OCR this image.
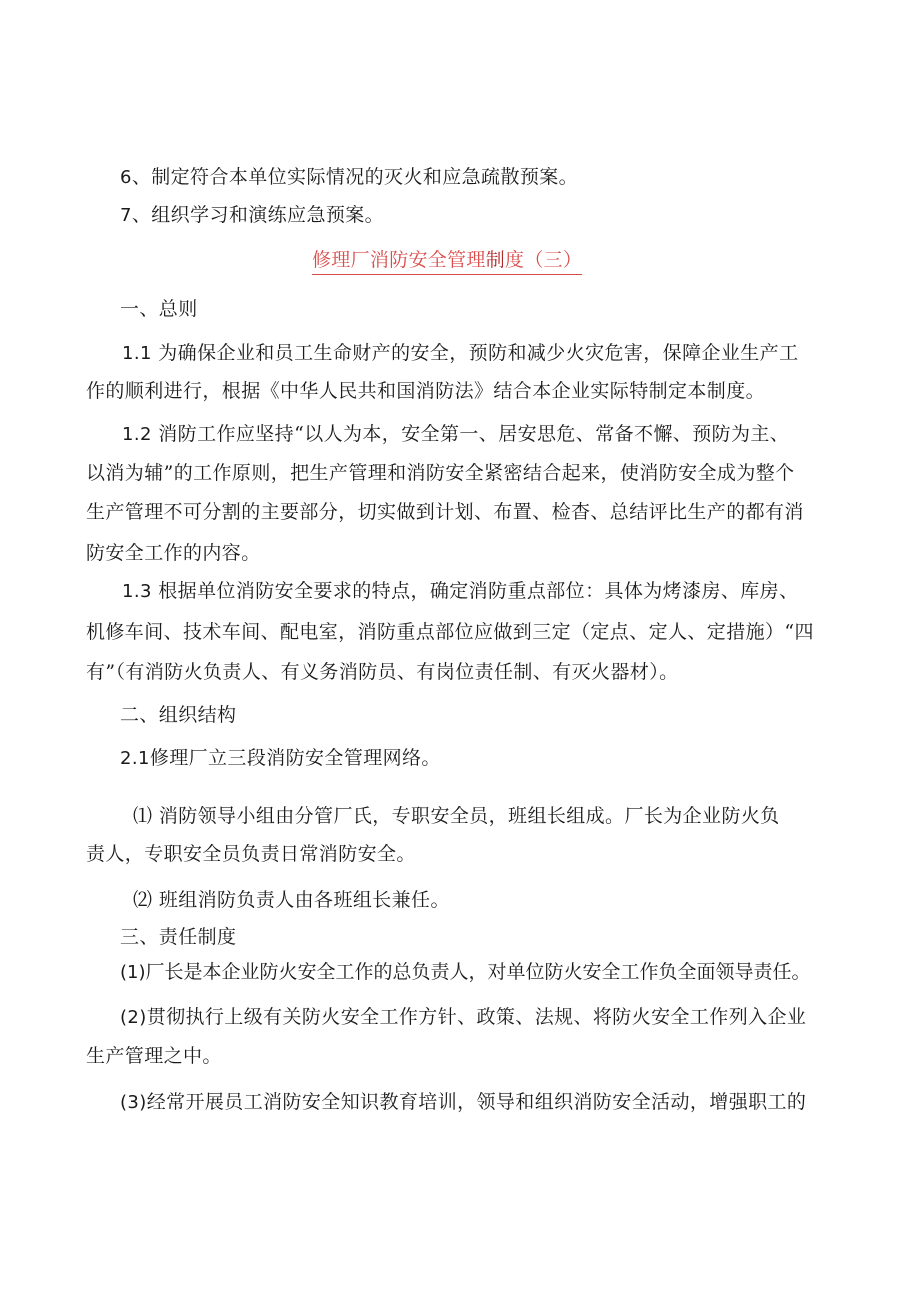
6、制定符合本单位实际情况的灭火和应急疏散预案。
7、组织学习和演练应急预案。
修理厂消防安全管理制度（三）
一、总则
1.1 为确保企业和员工生命财产的安全，预防和减少火灾危害，保障企业生产工
作的顺利进行，根据《中华人民共和国消防法》结合本企业实际特制定本制度。
1.2 消防工作应坚持“以人为本，安全第一、居安思危、常备不懈、预防为主、
以消为辅”的工作原则，把生产管理和消防安全紧密结合起来，使消防安全成为整个
生产管理不可分割的主要部分，切实做到计划、布置、检杳、总结评比生产的都有消
防安全工作的内容。
1.3 根据单位消防安全要求的特点，确定消防重点部位：具体为烤漆房、库房、
机修车间、技术车间、配电室，消防重点部位应做到三定（定点、定人、定措施）“四
有”（有消防火负责人、有义务消防员、有岗位责任制、有灭火器材）。
二、组织结构
2.1修理厂立三段消防安全管理网络。
⑴ 消防领导小组由分管厂氏，专职安全员，班组长组成。厂长为企业防火负
责人，专职安全员负责日常消防安全。
⑵ 班组消防负责人由各班组长兼任。
三、责任制度
(1)厂长是本企业防火安全工作的总负责人，对单位防火安全工作负全面领导责任。
(2)贯彻执行上级有关防火安全工作方针、政策、法规、将防火安全工作列入企业
生产管理之中。
(3)经常开展员工消防安全知识教育培训，领导和组织消防安全活动，增强职工的
